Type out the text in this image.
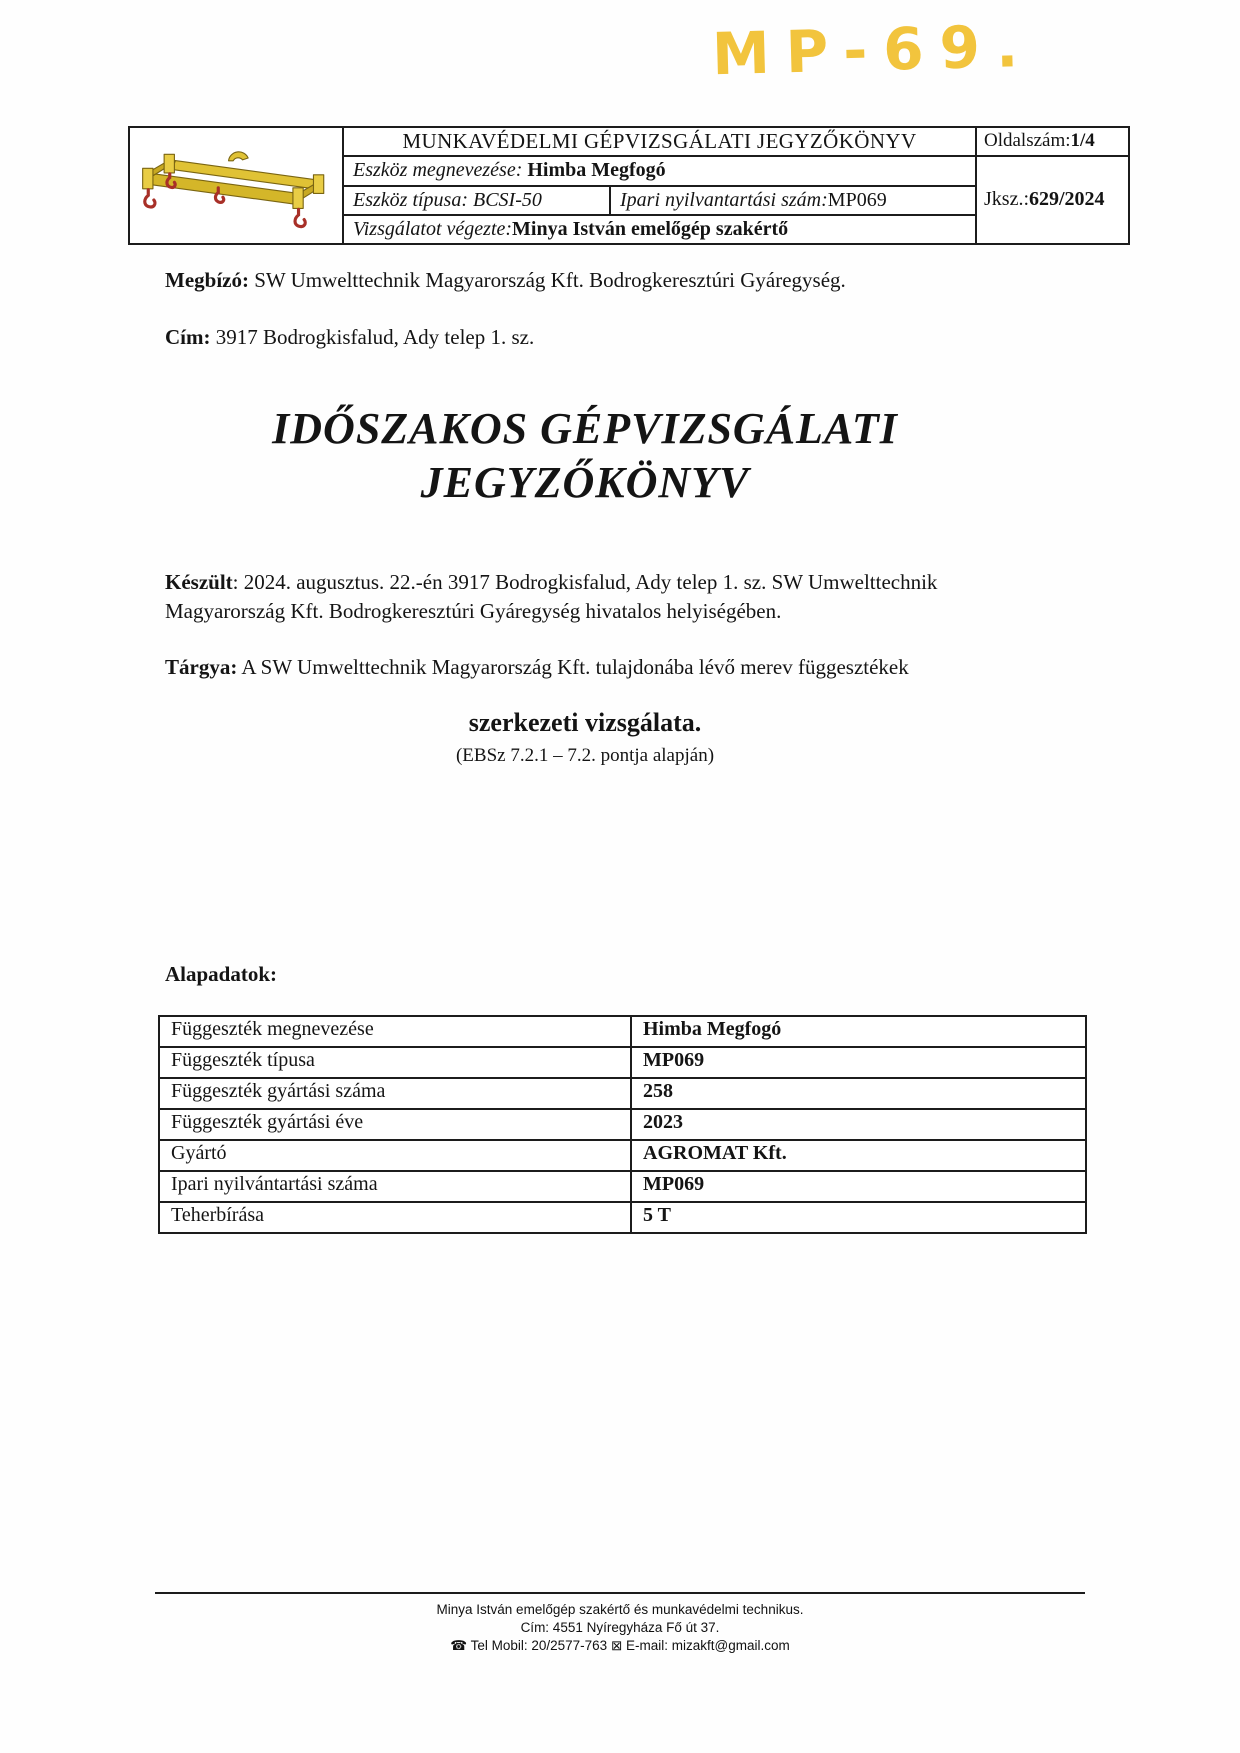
MP-69.
MUNKAVÉDELMI GÉPVIZSGÁLATI JEGYZŐKÖNYV
Eszköz megnevezése:
Himba Megfogó
Eszköz típusa:
BCSI-50	Ipari nyilvantartási szám: MP069
Vizsgálatot végezte: Minya István emelőgép szakértő
Oldalszám: 1/4
Jksz.: 629/2024
Megbízó: SW Umwelttechnik Magyarország Kft. Bodrogkeresztúri Gyáregység.
Cím: 3917 Bodrogkisfalud, Ady telep 1. sz.
IDŐSZAKOS GÉPVIZSGÁLATI
JEGYZŐKÖNYV
Készült: 2024. augusztus. 22.-én 3917 Bodrogkisfalud, Ady telep 1. sz. SW Umwelttechnik
Magyarország Kft. Bodrogkeresztúri Gyáregység hivatalos helyiségében.
Tárgya: A SW Umwelttechnik Magyarország Kft. tulajdonába lévő merev függesztékek
szerkezeti vizsgálata.
(EBSz 7.2.1 – 7.2. pontja alapján)
Alapadatok:
Függeszték megnevezése	Himba Megfogó
Függeszték típusa	MP069
Függeszték gyártási száma	258
Függeszték gyártási éve	2023
Gyártó	AGROMAT Kft.
Ipari nyilvántartási száma	MP069
Teherbírása	5 T
Minya István emelőgép szakértő és munkavédelmi technikus.
Cím: 4551 Nyíregyháza Fő út 37.
☎ Tel Mobil: 20/2577-763 ⊠ E-mail: mizakft@gmail.com
